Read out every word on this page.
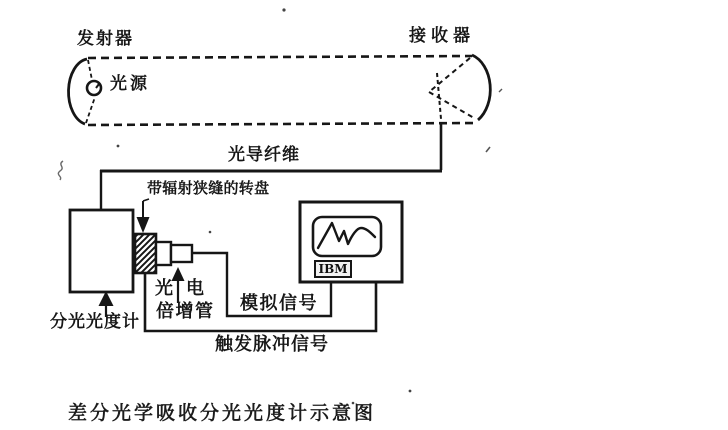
发射器	接收器
光源
光导纤维
带辐射狭缝的转盘
分光光度计
光 电
倍增管 模拟信号
触发脉冲信号
IBM
差分光学吸收分光光度计示意图
